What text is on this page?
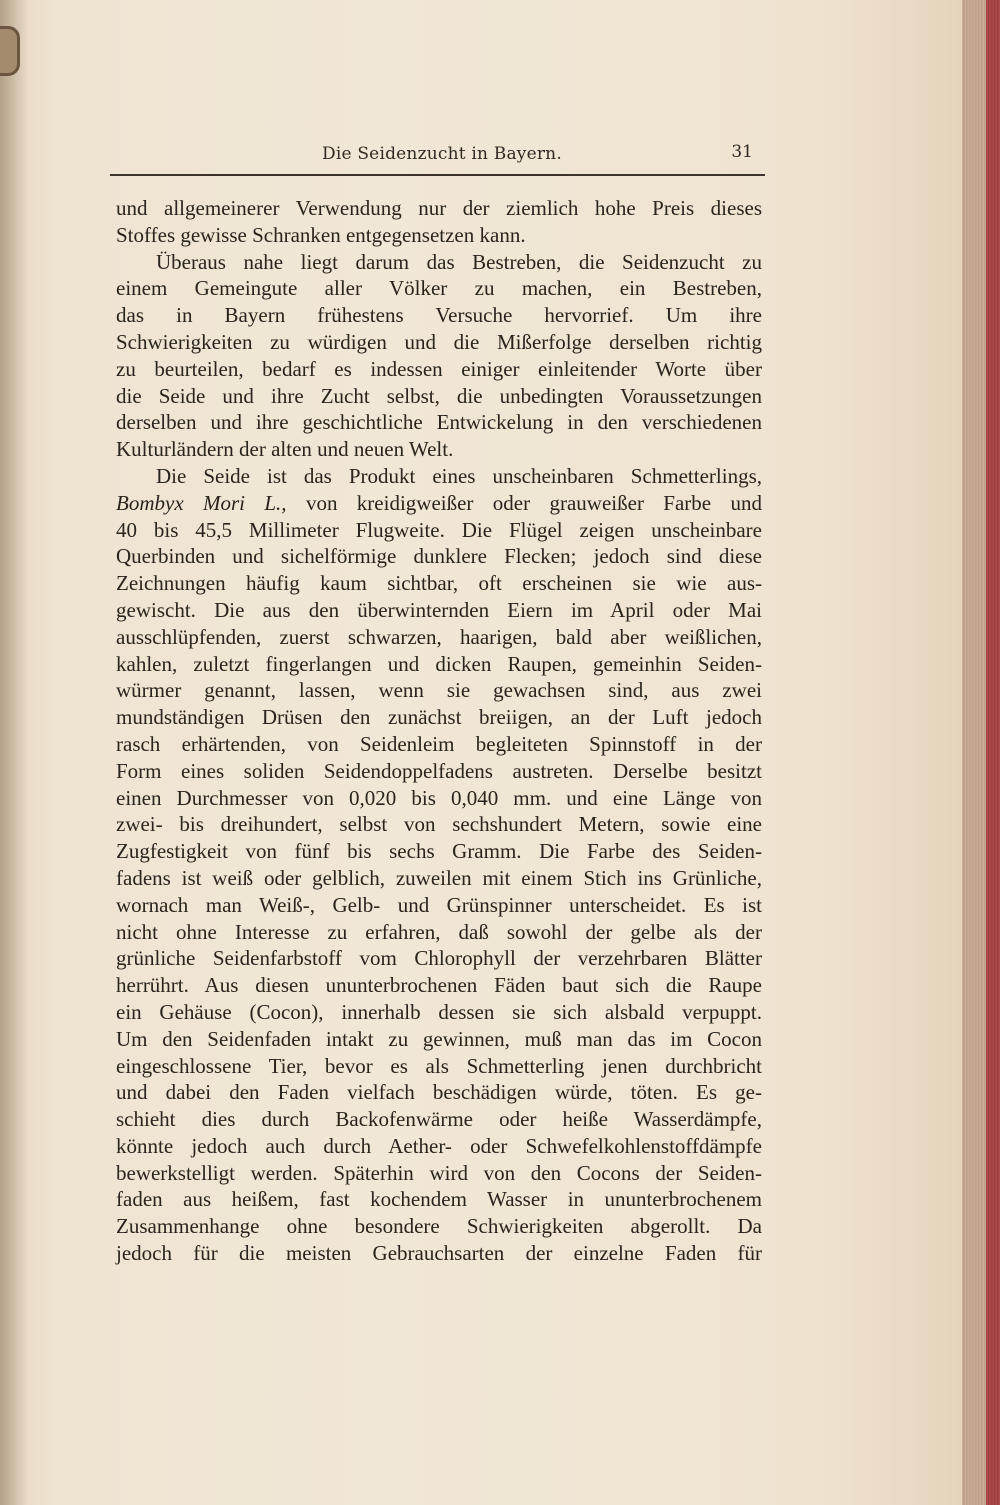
Die Seidenzucht in Bayern.	31
und allgemeinerer Verwendung nur der ziemlich hohe Preis dieses
Stoffes gewisse Schranken entgegensetzen kann.
Überaus nahe liegt darum das Bestreben, die Seidenzucht zu
einem Gemeingute aller Völker zu machen, ein Bestreben,
das in Bayern frühestens Versuche hervorrief. Um ihre
Schwierigkeiten zu würdigen und die Mißerfolge derselben richtig
zu beurteilen, bedarf es indessen einiger einleitender Worte über
die Seide und ihre Zucht selbst, die unbedingten Voraussetzungen
derselben und ihre geschichtliche Entwickelung in den verschiedenen
Kulturländern der alten und neuen Welt.
Die Seide ist das Produkt eines unscheinbaren Schmetterlings,
Bombyx Mori L., von kreidigweißer oder grauweißer Farbe und
40 bis 45,5 Millimeter Flugweite. Die Flügel zeigen unscheinbare
Querbinden und sichelförmige dunklere Flecken; jedoch sind diese
Zeichnungen häufig kaum sichtbar, oft erscheinen sie wie aus-
gewischt. Die aus den überwinternden Eiern im April oder Mai
ausschlüpfenden, zuerst schwarzen, haarigen, bald aber weißlichen,
kahlen, zuletzt fingerlangen und dicken Raupen, gemeinhin Seiden-
würmer genannt, lassen, wenn sie gewachsen sind, aus zwei
mundständigen Drüsen den zunächst breiigen, an der Luft jedoch
rasch erhärtenden, von Seidenleim begleiteten Spinnstoff in der
Form eines soliden Seidendoppelfadens austreten. Derselbe besitzt
einen Durchmesser von 0,020 bis 0,040 mm. und eine Länge von
zwei- bis dreihundert, selbst von sechshundert Metern, sowie eine
Zugfestigkeit von fünf bis sechs Gramm. Die Farbe des Seiden-
fadens ist weiß oder gelblich, zuweilen mit einem Stich ins Grünliche,
wornach man Weiß-, Gelb- und Grünspinner unterscheidet. Es ist
nicht ohne Interesse zu erfahren, daß sowohl der gelbe als der
grünliche Seidenfarbstoff vom Chlorophyll der verzehrbaren Blätter
herrührt. Aus diesen ununterbrochenen Fäden baut sich die Raupe
ein Gehäuse (Cocon), innerhalb dessen sie sich alsbald verpuppt.
Um den Seidenfaden intakt zu gewinnen, muß man das im Cocon
eingeschlossene Tier, bevor es als Schmetterling jenen durchbricht
und dabei den Faden vielfach beschädigen würde, töten. Es ge-
schieht dies durch Backofenwärme oder heiße Wasserdämpfe,
könnte jedoch auch durch Aether- oder Schwefelkohlenstoffdämpfe
bewerkstelligt werden. Späterhin wird von den Cocons der Seiden-
faden aus heißem, fast kochendem Wasser in ununterbrochenem
Zusammenhange ohne besondere Schwierigkeiten abgerollt. Da
jedoch für die meisten Gebrauchsarten der einzelne Faden für
